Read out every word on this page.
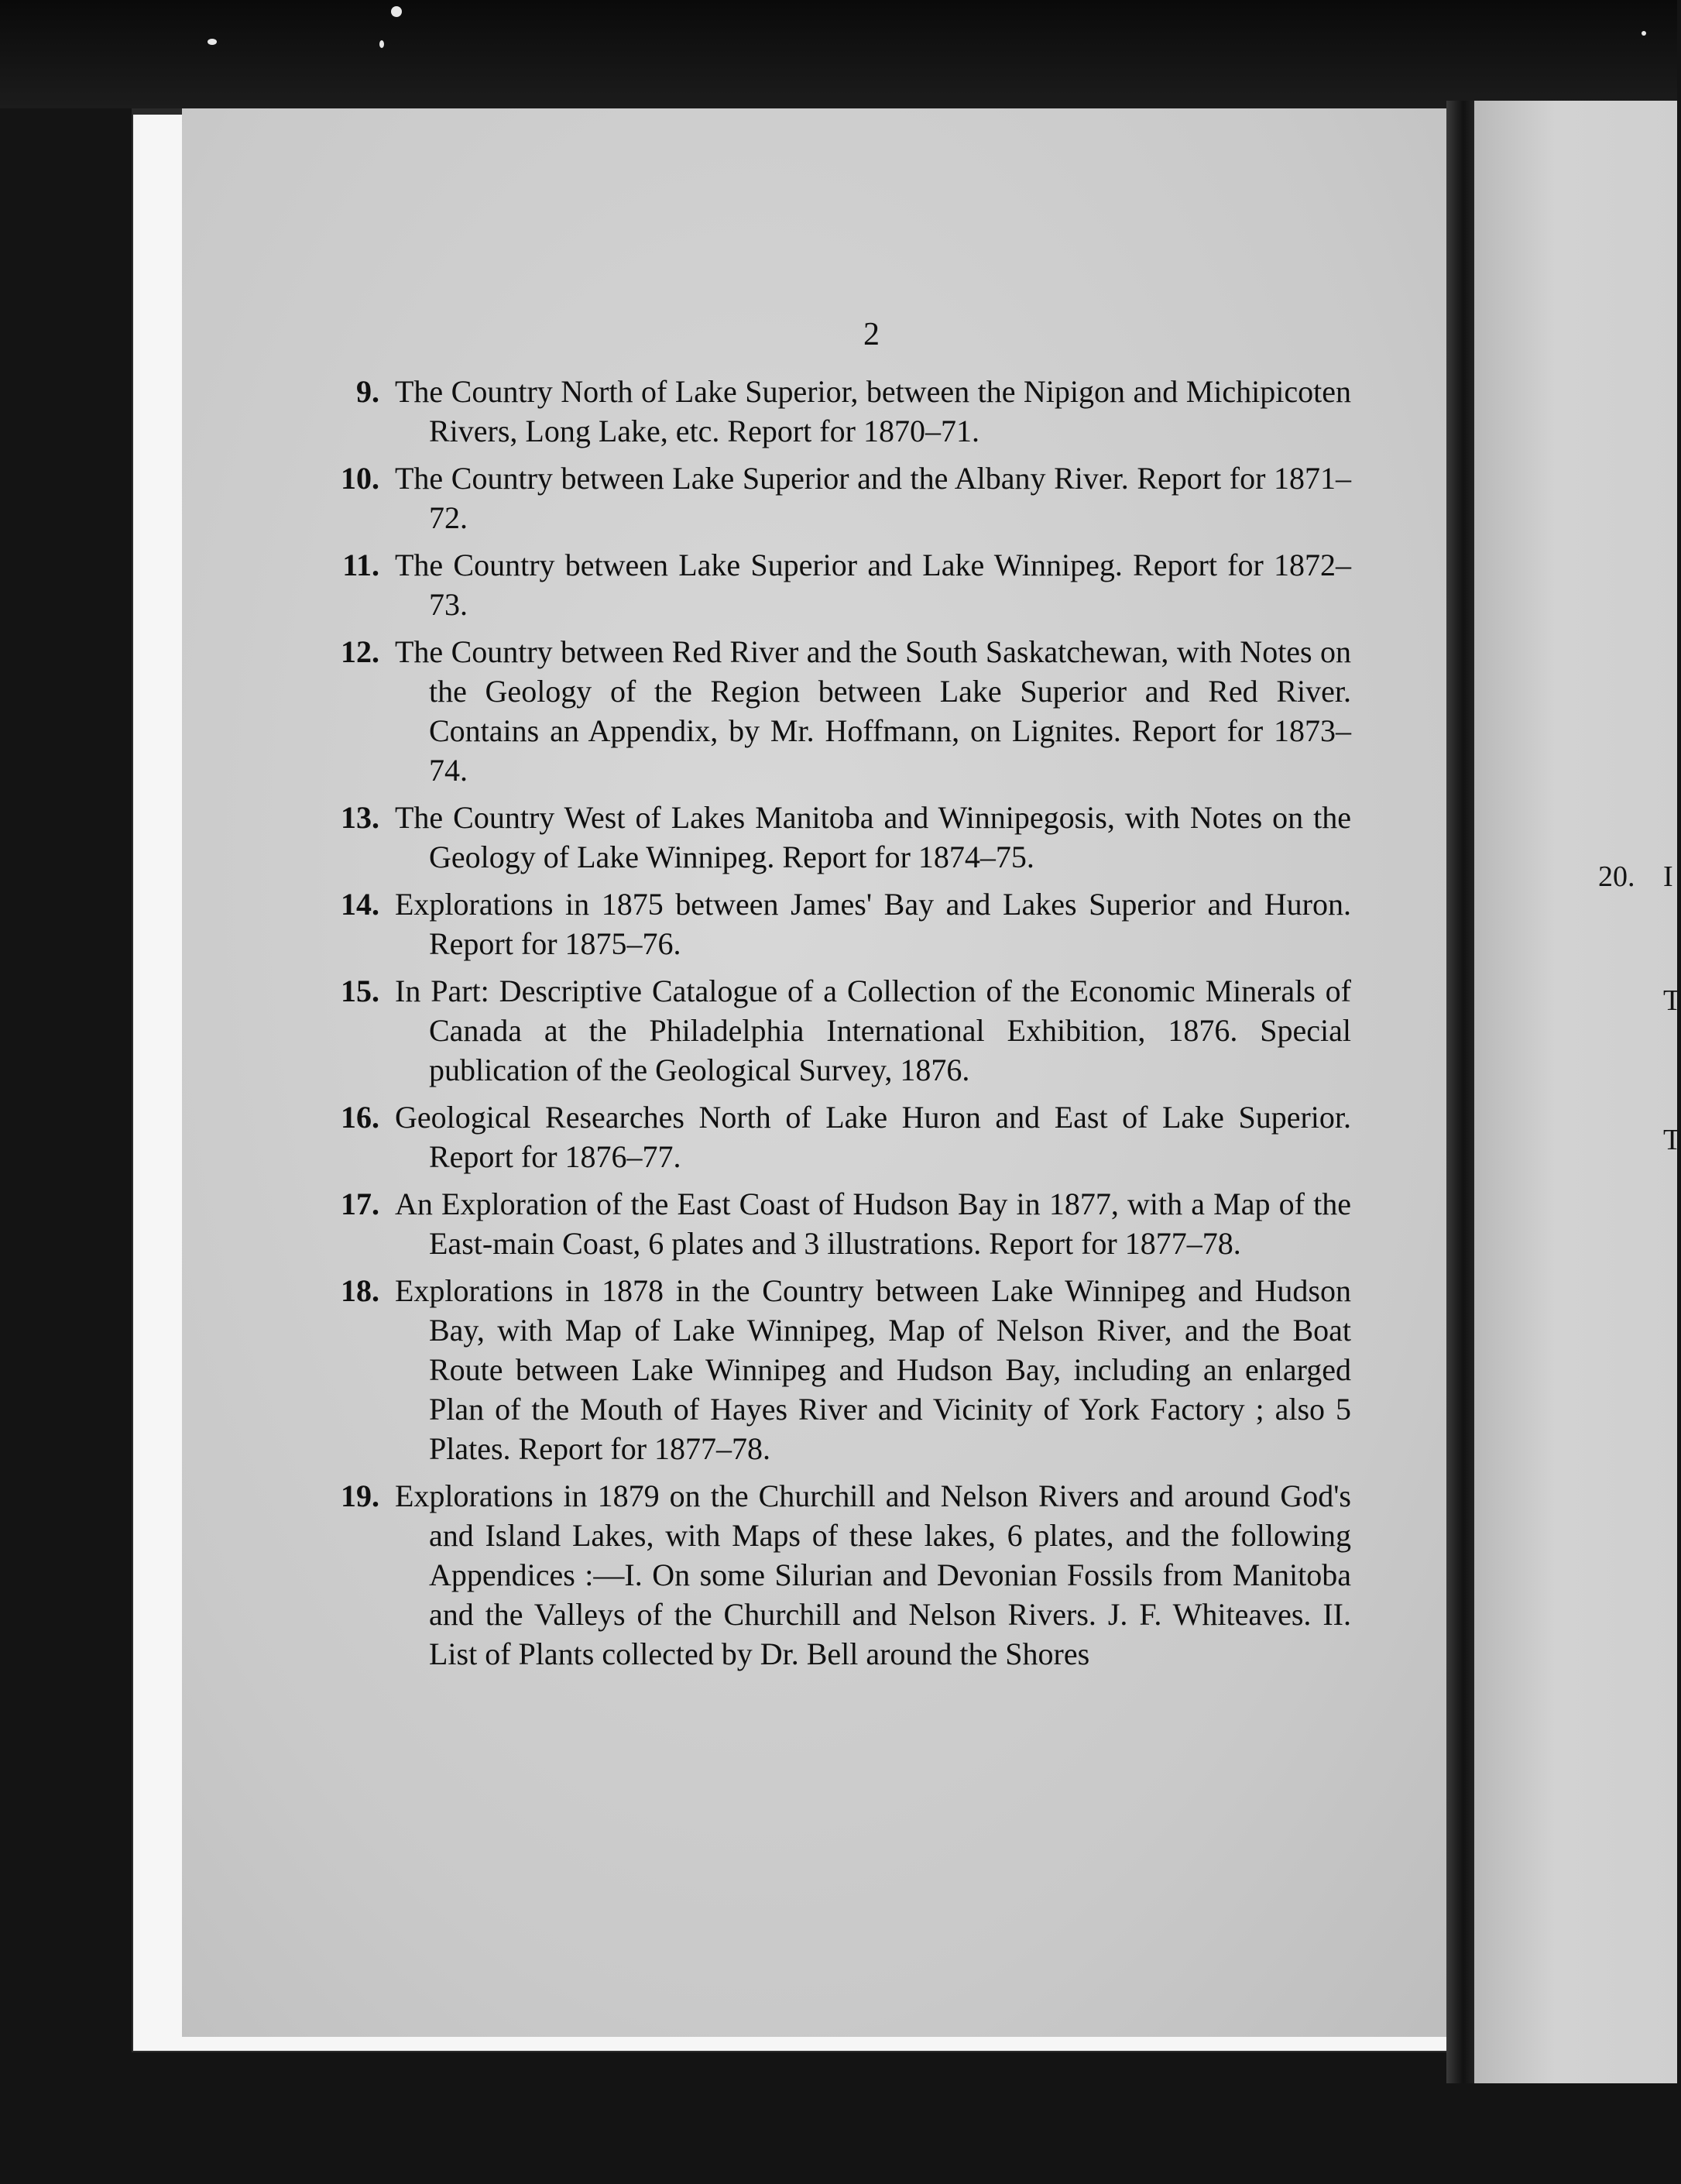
2
9. The Country North of Lake Superior, between the Nipigon and Michipicoten Rivers, Long Lake, etc. Report for 1870–71.
10. The Country between Lake Superior and the Albany River. Report for 1871–72.
11. The Country between Lake Superior and Lake Winnipeg. Report for 1872–73.
12. The Country between Red River and the South Saskatchewan, with Notes on the Geology of the Region between Lake Superior and Red River. Contains an Appendix, by Mr. Hoffmann, on Lignites. Report for 1873–74.
13. The Country West of Lakes Manitoba and Winnipegosis, with Notes on the Geology of Lake Winnipeg. Report for 1874–75.
14. Explorations in 1875 between James' Bay and Lakes Superior and Huron. Report for 1875–76.
15. In Part: Descriptive Catalogue of a Collection of the Economic Minerals of Canada at the Philadelphia International Exhibition, 1876. Special publication of the Geological Survey, 1876.
16. Geological Researches North of Lake Huron and East of Lake Superior. Report for 1876–77.
17. An Exploration of the East Coast of Hudson Bay in 1877, with a Map of the East-main Coast, 6 plates and 3 illustrations. Report for 1877–78.
18. Explorations in 1878 in the Country between Lake Winnipeg and Hudson Bay, with Map of Lake Winnipeg, Map of Nelson River, and the Boat Route between Lake Winnipeg and Hudson Bay, including an enlarged Plan of the Mouth of Hayes River and Vicinity of York Factory ; also 5 Plates. Report for 1877–78.
19. Explorations in 1879 on the Churchill and Nelson Rivers and around God's and Island Lakes, with Maps of these lakes, 6 plates, and the following Appendices :—I. On some Silurian and Devonian Fossils from Manitoba and the Valleys of the Churchill and Nelson Rivers. J. F. Whiteaves. II. List of Plants collected by Dr. Bell around the Shores
20. I
T
T
